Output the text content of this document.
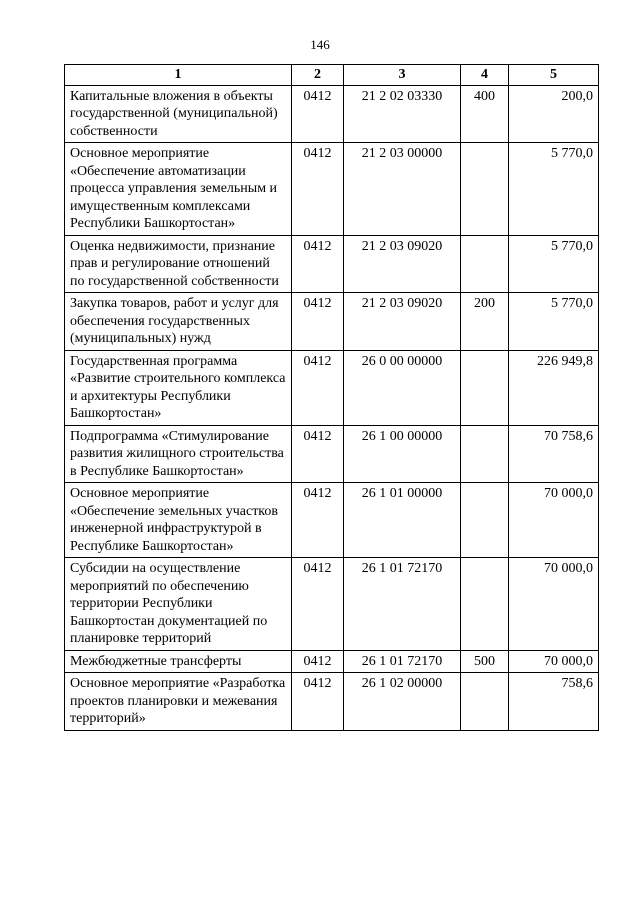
146
1	2	3	4	5
Капитальные вложения в объекты государственной (муниципальной) собственности	0412	21 2 02 03330	400	200,0
Основное мероприятие «Обеспечение автоматизации процесса управления земельным и имущественным комплексами Республики Башкортостан»	0412	21 2 03 00000		5 770,0
Оценка недвижимости, признание прав и регулирование отношений по государственной собственности	0412	21 2 03 09020		5 770,0
Закупка товаров, работ и услуг для обеспечения государственных (муниципальных) нужд	0412	21 2 03 09020	200	5 770,0
Государственная программа «Развитие строительного комплекса и архитектуры Республики Башкортостан»	0412	26 0 00 00000		226 949,8
Подпрограмма «Стимулирование развития жилищного строительства в Республике Башкортостан»	0412	26 1 00 00000		70 758,6
Основное мероприятие «Обеспечение земельных участков инженерной инфраструктурой в Республике Башкортостан»	0412	26 1 01 00000		70 000,0
Субсидии на осуществление мероприятий по обеспечению территории Республики Башкортостан документацией по планировке территорий	0412	26 1 01 72170		70 000,0
Межбюджетные трансферты	0412	26 1 01 72170	500	70 000,0
Основное мероприятие «Разработка проектов планировки и межевания территорий»	0412	26 1 02 00000		758,6
